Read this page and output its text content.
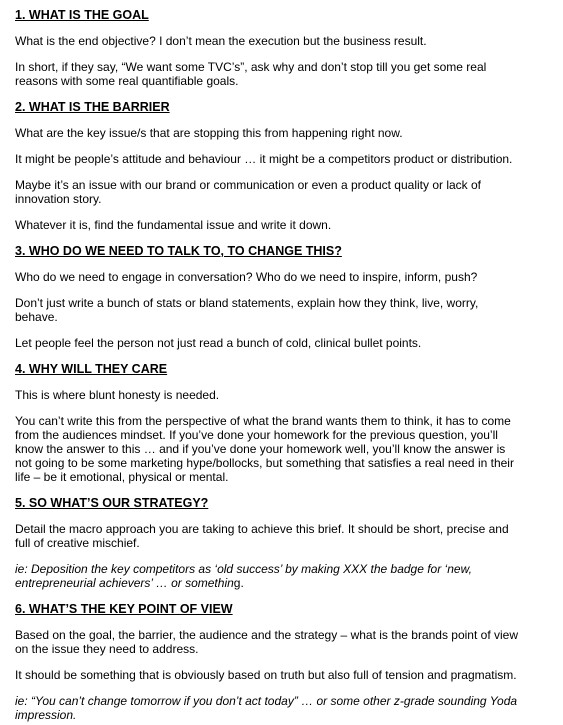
1. WHAT IS THE GOAL
What is the end objective? I don’t mean the execution but the business result.
In short, if they say, “We want some TVC’s”, ask why and don’t stop till you get some real
reasons with some real quantifiable goals.
2. WHAT IS THE BARRIER
What are the key issue/s that are stopping this from happening right now.
It might be people’s attitude and behaviour … it might be a competitors product or distribution.
Maybe it’s an issue with our brand or communication or even a product quality or lack of
innovation story.
Whatever it is, find the fundamental issue and write it down.
3. WHO DO WE NEED TO TALK TO, TO CHANGE THIS?
Who do we need to engage in conversation? Who do we need to inspire, inform, push?
Don’t just write a bunch of stats or bland statements, explain how they think, live, worry,
behave.
Let people feel the person not just read a bunch of cold, clinical bullet points.
4. WHY WILL THEY CARE
This is where blunt honesty is needed.
You can’t write this from the perspective of what the brand wants them to think, it has to come
from the audiences mindset. If you’ve done your homework for the previous question, you’ll
know the answer to this … and if you’ve done your homework well, you’ll know the answer is
not going to be some marketing hype/bollocks, but something that satisfies a real need in their
life – be it emotional, physical or mental.
5. SO WHAT’S OUR STRATEGY?
Detail the macro approach you are taking to achieve this brief. It should be short, precise and
full of creative mischief.
ie: Deposition the key competitors as ‘old success’ by making XXX the badge for ‘new,
entrepreneurial achievers’ … or something.
6. WHAT’S THE KEY POINT OF VIEW
Based on the goal, the barrier, the audience and the strategy – what is the brands point of view
on the issue they need to address.
It should be something that is obviously based on truth but also full of tension and pragmatism.
ie: “You can’t change tomorrow if you don’t act today” … or some other z-grade sounding Yoda
impression.
